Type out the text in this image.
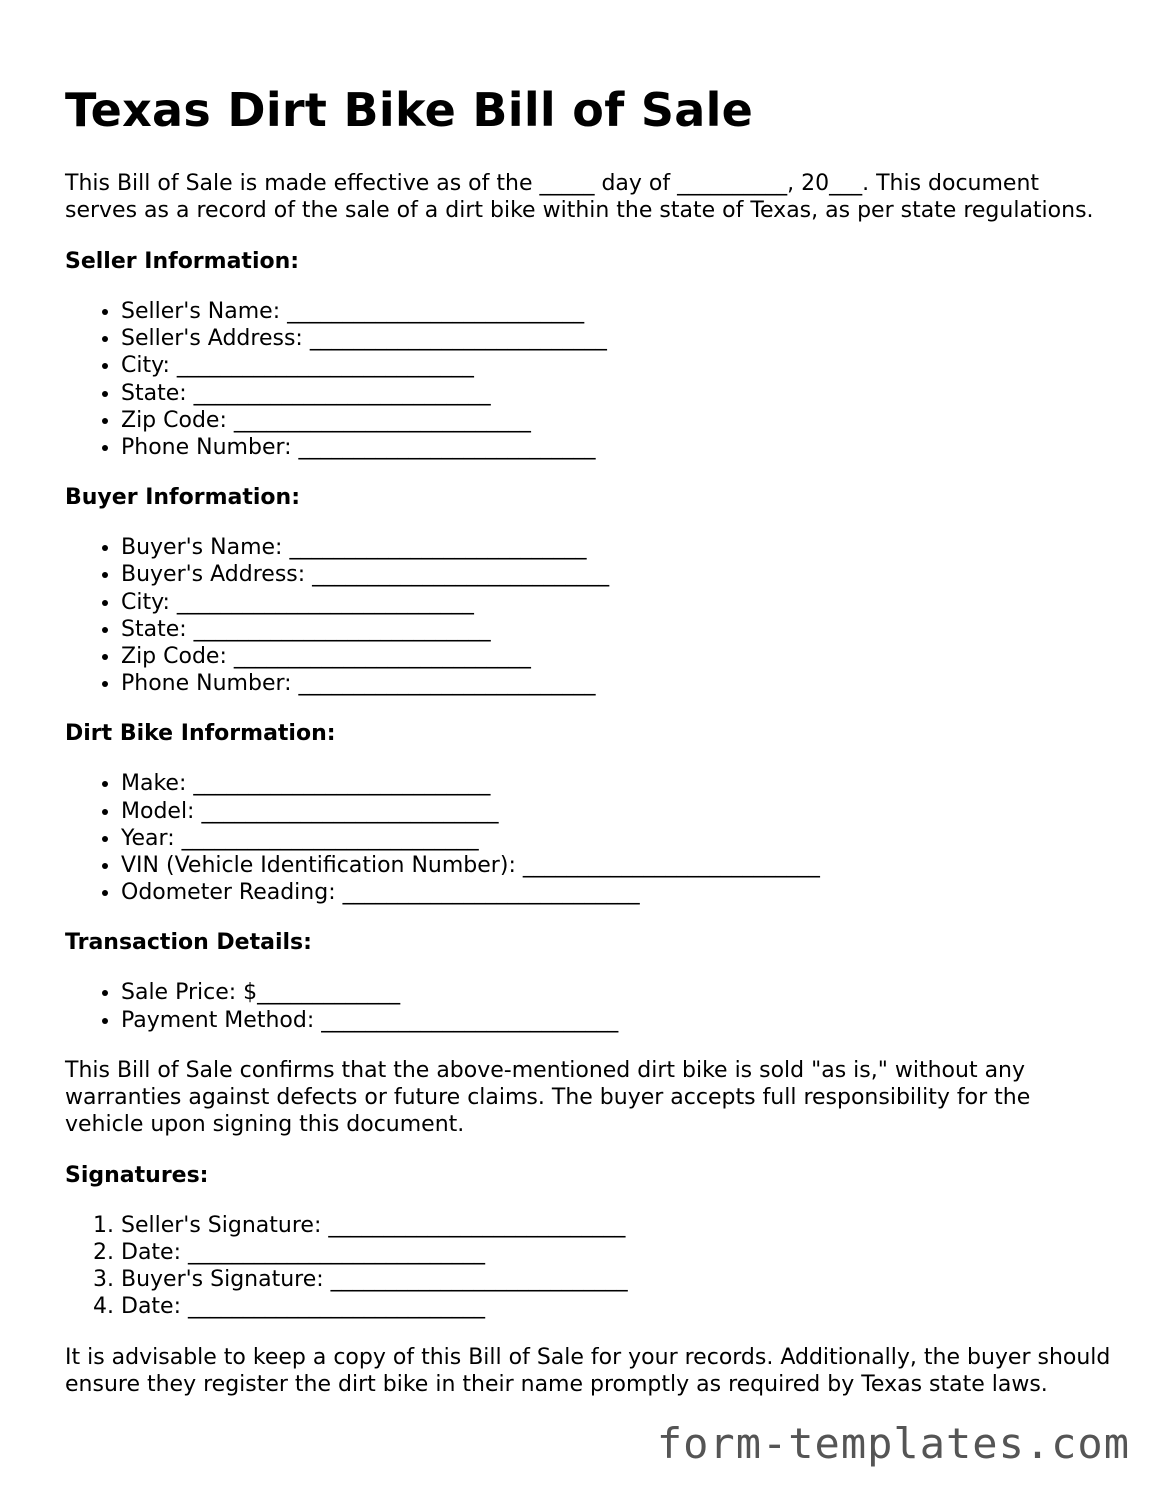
Texas Dirt Bike Bill of Sale

This Bill of Sale is made effective as of the _____ day of __________, 20___. This document serves as a record of the sale of a dirt bike within the state of Texas, as per state regulations.

Seller Information:
• Seller's Name: ___________________________
• Seller's Address: ___________________________
• City: ___________________________
• State: ___________________________
• Zip Code: ___________________________
• Phone Number: ___________________________
Buyer Information:
• Buyer's Name: ___________________________
• Buyer's Address: ___________________________
• City: ___________________________
• State: ___________________________
• Zip Code: ___________________________
• Phone Number: ___________________________
Dirt Bike Information:
• Make: ___________________________
• Model: ___________________________
• Year: ___________________________
• VIN (Vehicle Identification Number): ___________________________
• Odometer Reading: ___________________________
Transaction Details:
• Sale Price: $_____________
• Payment Method: ___________________________

This Bill of Sale confirms that the above-mentioned dirt bike is sold "as is," without any warranties against defects or future claims. The buyer accepts full responsibility for the vehicle upon signing this document.

Signatures:
1. Seller's Signature: ___________________________
2. Date: ___________________________
3. Buyer's Signature: ___________________________
4. Date: ___________________________

It is advisable to keep a copy of this Bill of Sale for your records. Additionally, the buyer should ensure they register the dirt bike in their name promptly as required by Texas state laws.

form-templates.com
